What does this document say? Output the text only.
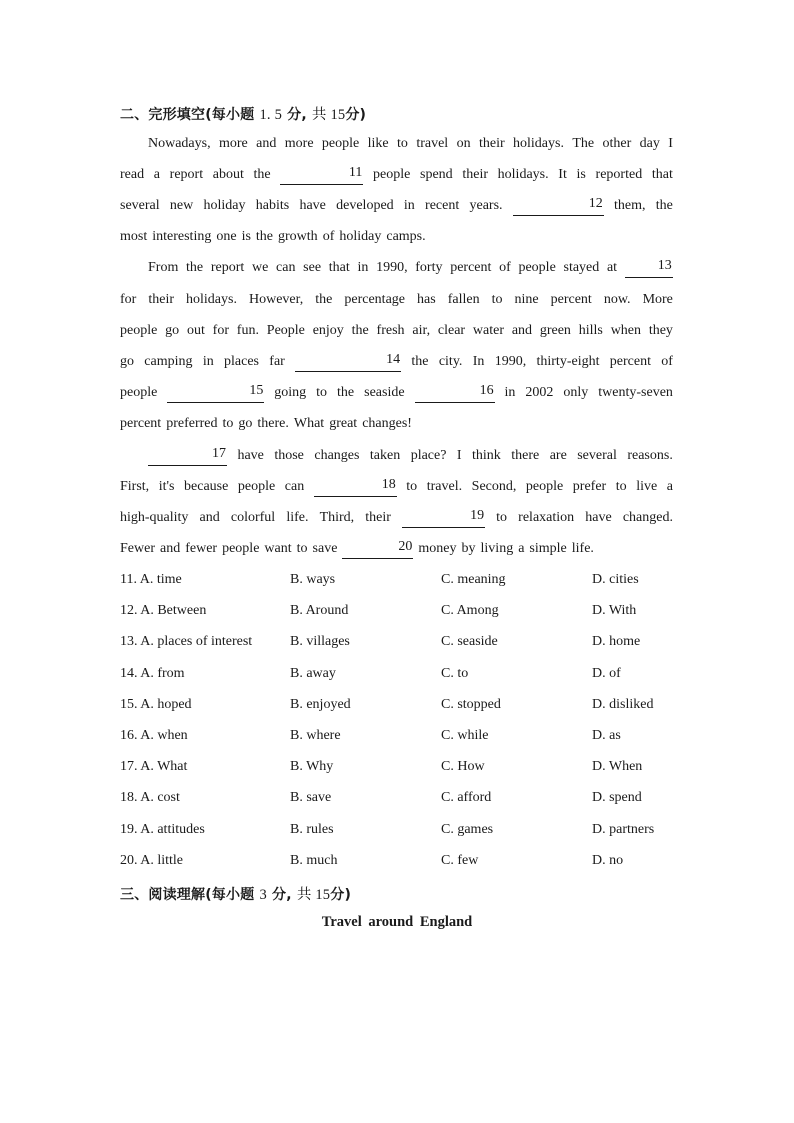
二、完形填空(每小题 1. 5 分, 共 15分)
Nowadays, more and more people like to travel on their holidays. The other day I
read a report about the	11 people spend their holidays. It is reported that
several new holiday habits have developed in recent years.	12 them, the
most interesting one is the growth of holiday camps.
From the report we can see that in 1990, forty percent of people stayed at	13
for their holidays. However, the percentage has fallen to nine percent now. More
people go out for fun. People enjoy the fresh air, clear water and green hills when they
go camping in places far	14 the city. In 1990, thirty-eight percent of
people	15 going to the seaside	16 in 2002 only twenty-seven
percent preferred to go there. What great changes!
17 have those changes taken place? I think there are several reasons.
First, it's because people can	18 to travel. Second, people prefer to live a
high-quality and colorful life. Third, their	19 to relaxation have changed.
Fewer and fewer people want to save	20 money by living a simple life.
11. A. time	B. ways	C. meaning	D. cities
12. A. Between	B. Around	C. Among	D. With
13. A. places of interest	B. villages	C. seaside	D. home
14. A. from	B. away	C. to	D. of
15. A. hoped	B. enjoyed	C. stopped	D. disliked
16. A. when	B. where	C. while	D. as
17. A. What	B. Why	C. How	D. When
18. A. cost	B. save	C. afford	D. spend
19. A. attitudes	B. rules	C. games	D. partners
20. A. little	B. much	C. few	D. no
三、阅读理解(每小题 3 分, 共 15分)
Travel around England
